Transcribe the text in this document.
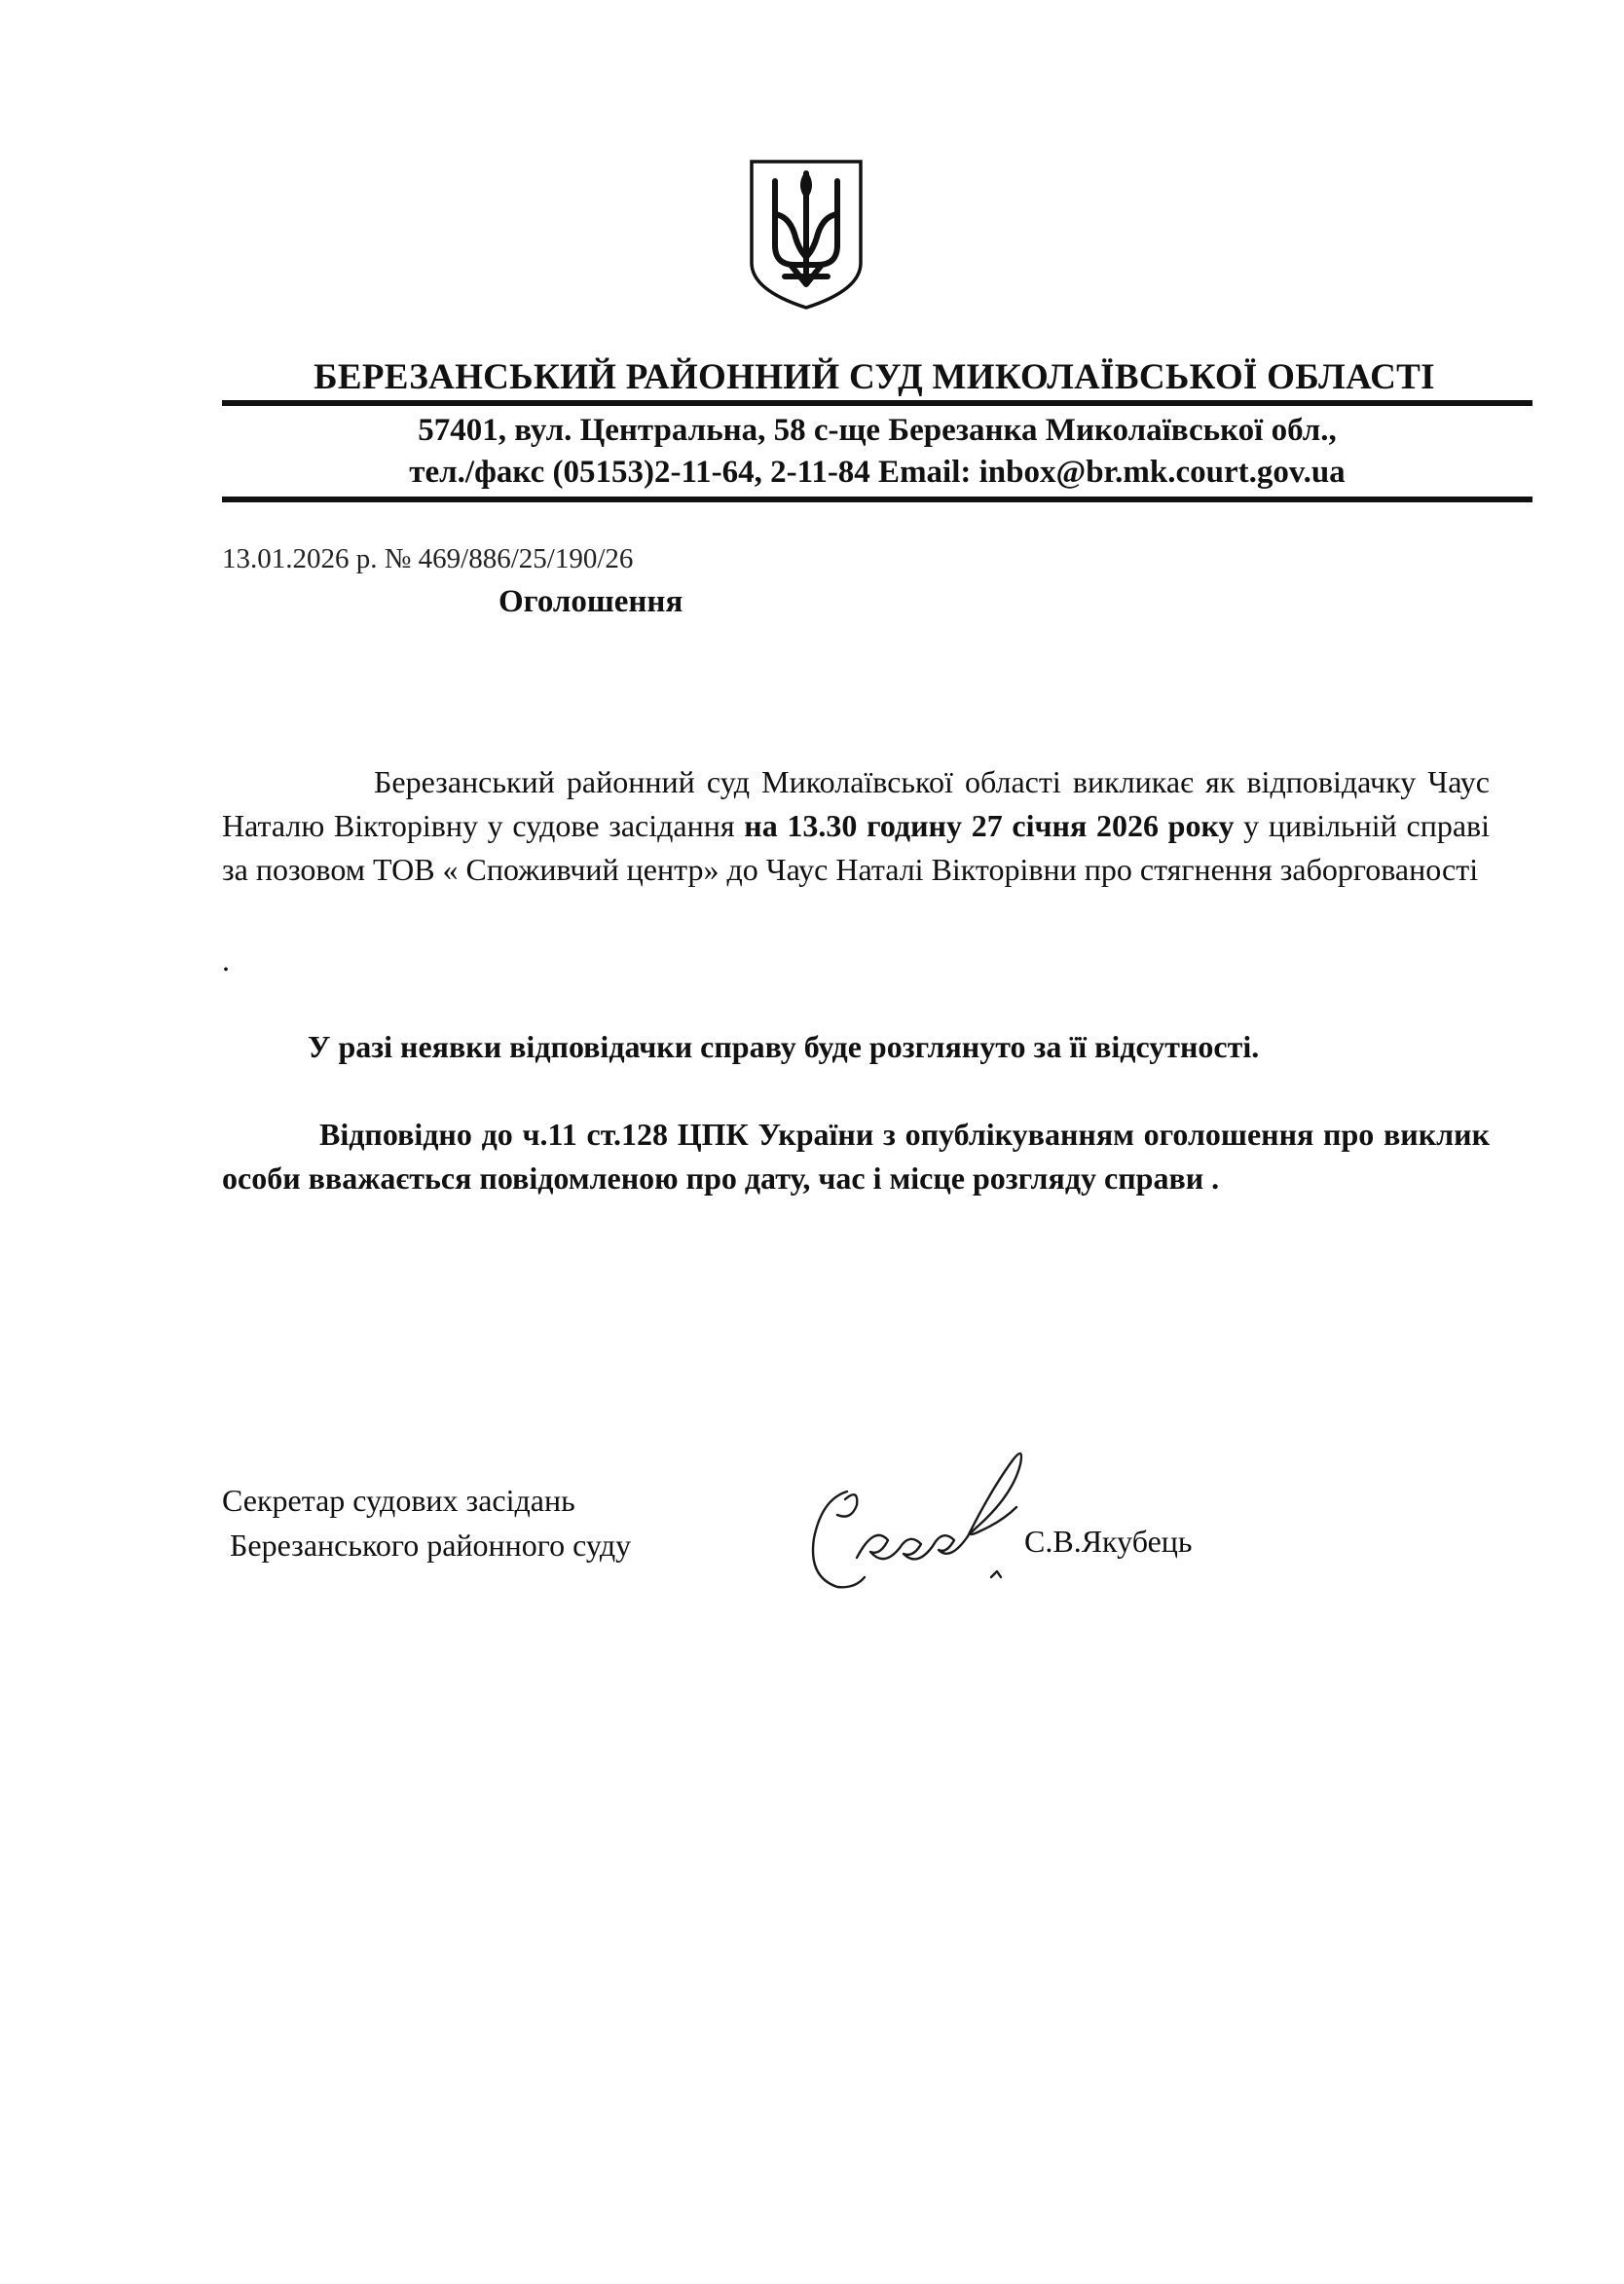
БЕРЕЗАНСЬКИЙ РАЙОННИЙ СУД МИКОЛАЇВСЬКОЇ ОБЛАСТІ
57401, вул. Центральна, 58 с-ще Березанка Миколаївської обл.,
тел./факс (05153)2-11-64, 2-11-84 Email: inbox@br.mk.court.gov.ua
13.01.2026 р. № 469/886/25/190/26
Оголошення
Березанський районний суд Миколаївської області викликає як відповідачку Чаус Наталю Вікторівну у судове засідання на 13.30 годину 27 січня 2026 року у цивільній справі за позовом ТОВ « Споживчий центр» до Чаус Наталі Вікторівни про стягнення заборгованості
.
У разі неявки відповідачки справу буде розглянуто за її відсутності.
Відповідно до ч.11 ст.128 ЦПК України з опублікуванням оголошення про виклик особи вважається повідомленою про дату, час і місце розгляду справи .
Секретар судових засідань
Березанського районного суду	С.В.Якубець
